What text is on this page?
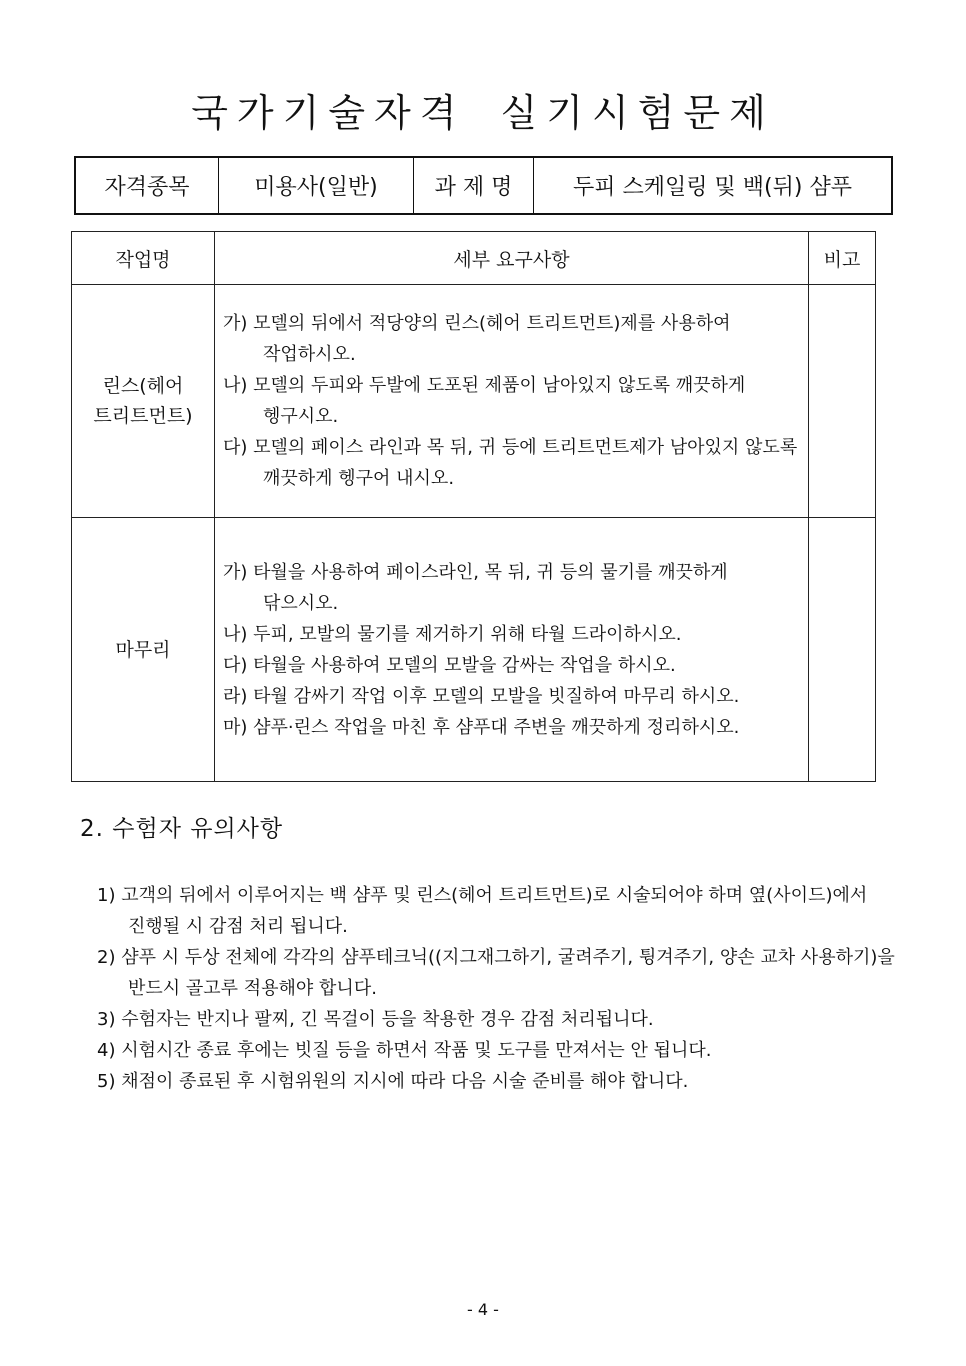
국가기술자격 실기시험문제
자격종목	미용사(일반)	과 제 명	두피 스케일링 및 백(뒤) 샴푸
작업명	세부 요구사항	비고

린스(헤어 트리트먼트)	가) 모델의 뒤에서 적당양의 린스(헤어 트리트먼트)제를 사용하여 작업하시오.
나) 모델의 두피와 두발에 도포된 제품이 남아있지 않도록 깨끗하게 헹구시오.
다) 모델의 페이스 라인과 목 뒤, 귀 등에 트리트먼트제가 남아있지 않도록 깨끗하게 헹구어 내시오.	

마무리	가) 타월을 사용하여 페이스라인, 목 뒤, 귀 등의 물기를 깨끗하게 닦으시오.
나) 두피, 모발의 물기를 제거하기 위해 타월 드라이하시오.
다) 타월을 사용하여 모델의 모발을 감싸는 작업을 하시오.
라) 타월 감싸기 작업 이후 모델의 모발을 빗질하여 마무리 하시오.
마) 샴푸·린스 작업을 마친 후 샴푸대 주변을 깨끗하게 정리하시오.	

2. 수험자 유의사항
1) 고객의 뒤에서 이루어지는 백 샴푸 및 린스(헤어 트리트먼트)로 시술되어야 하며 옆(사이드)에서 진행될 시 감점 처리 됩니다.
2) 샴푸 시 두상 전체에 각각의 샴푸테크닉((지그재그하기, 굴려주기, 튕겨주기, 양손 교차 사용하기)을 반드시 골고루 적용해야 합니다.
3) 수험자는 반지나 팔찌, 긴 목걸이 등을 착용한 경우 감점 처리됩니다.
4) 시험시간 종료 후에는 빗질 등을 하면서 작품 및 도구를 만져서는 안 됩니다.
5) 채점이 종료된 후 시험위원의 지시에 따라 다음 시술 준비를 해야 합니다.
- 4 -
